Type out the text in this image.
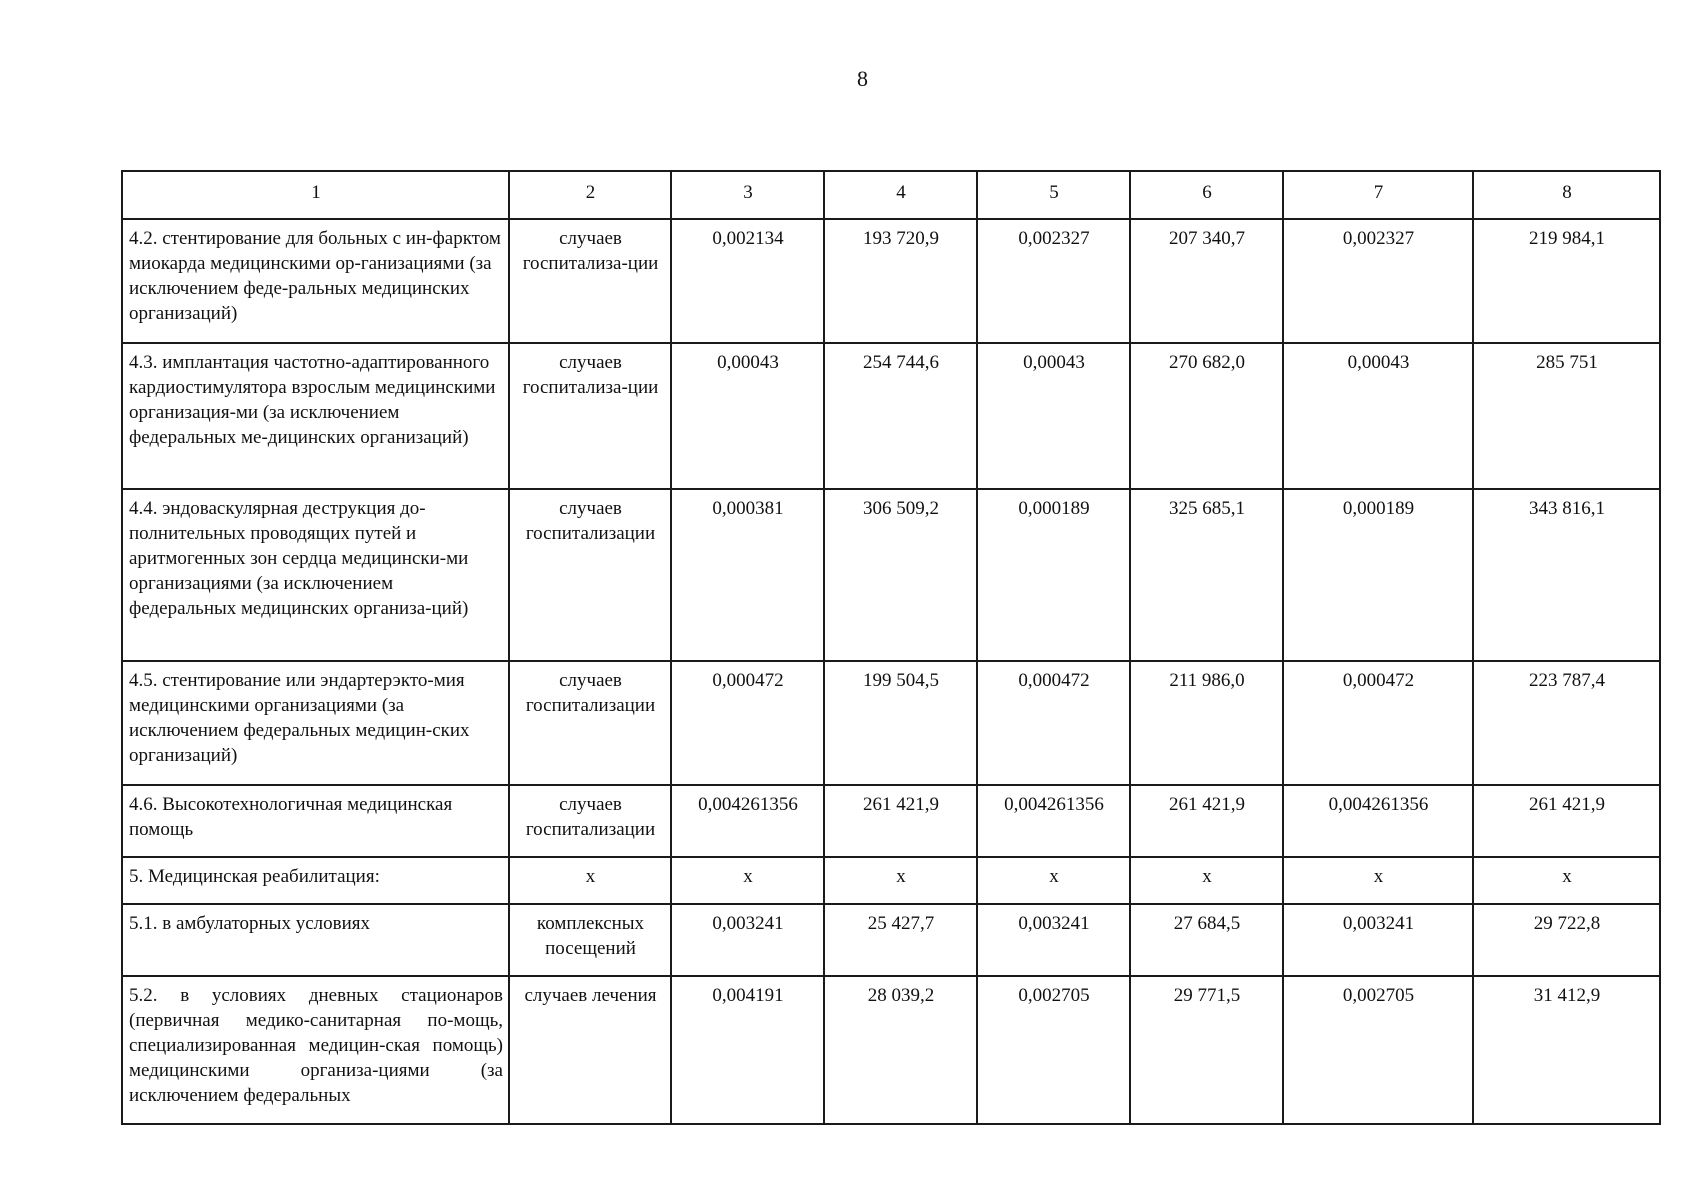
8
1	2	3	4	5	6	7	8
4.2. стентирование для больных с ин-фарктом миокарда медицинскими ор-ганизациями (за исключением феде-ральных медицинских организаций)	случаев госпитализа-ции	0,002134	193 720,9	0,002327	207 340,7	0,002327	219 984,1
4.3. имплантация частотно-адаптированного кардиостимулятора взрослым медицинскими организация-ми (за исключением федеральных ме-дицинских организаций)	случаев госпитализа-ции	0,00043	254 744,6	0,00043	270 682,0	0,00043	285 751
4.4. эндоваскулярная деструкция до-полнительных проводящих путей и аритмогенных зон сердца медицински-ми организациями (за исключением федеральных медицинских организа-ций)	случаев госпитализации	0,000381	306 509,2	0,000189	325 685,1	0,000189	343 816,1
4.5. стентирование или эндартерэкто-мия медицинскими организациями (за исключением федеральных медицин-ских организаций)	случаев госпитализации	0,000472	199 504,5	0,000472	211 986,0	0,000472	223 787,4
4.6. Высокотехнологичная медицинская помощь	случаев госпитализации	0,004261356	261 421,9	0,004261356	261 421,9	0,004261356	261 421,9
5. Медицинская реабилитация:	х	х	х	х	х	х	х
5.1. в амбулаторных условиях	комплексных посещений	0,003241	25 427,7	0,003241	27 684,5	0,003241	29 722,8
5.2. в условиях дневных стационаров (первичная медико-санитарная по-мощь, специализированная медицин-ская помощь) медицинскими организа-циями (за исключением федеральных	случаев лечения	0,004191	28 039,2	0,002705	29 771,5	0,002705	31 412,9
